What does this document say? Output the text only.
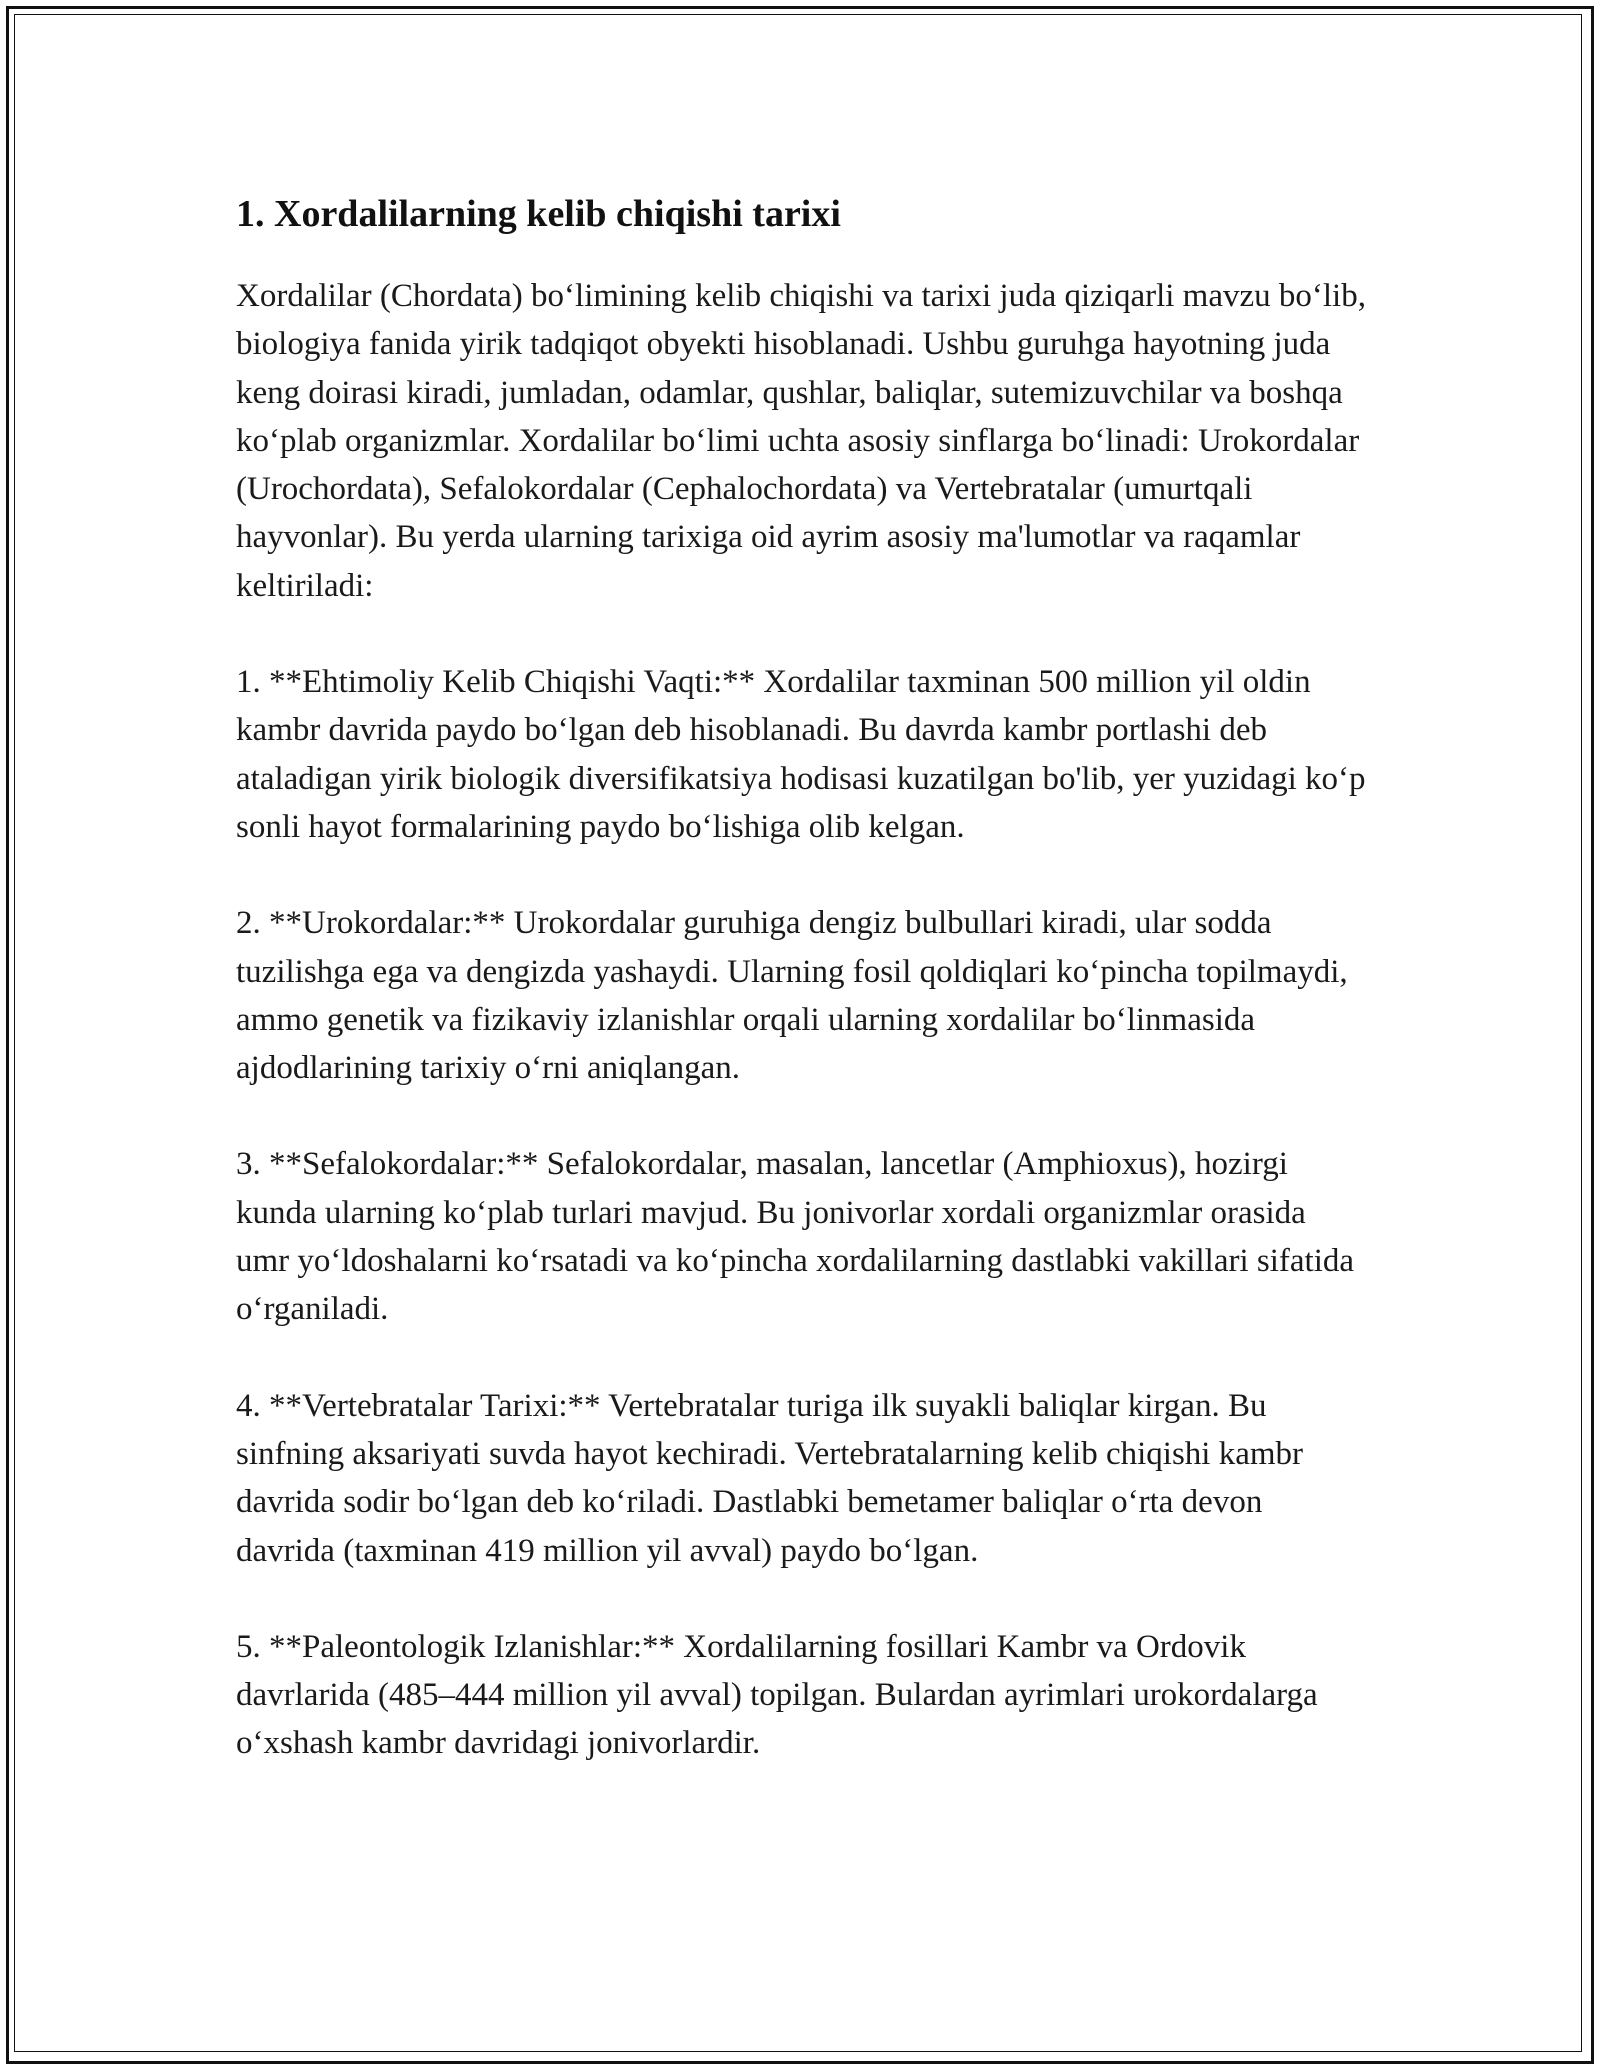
1. Xordalilarning kelib chiqishi tarixi

Xordalilar (Chordata) bo‘limining kelib chiqishi va tarixi juda qiziqarli mavzu bo‘lib, biologiya fanida yirik tadqiqot obyekti hisoblanadi. Ushbu guruhga hayotning juda keng doirasi kiradi, jumladan, odamlar, qushlar, baliqlar, sutemizuvchilar va boshqa ko‘plab organizmlar. Xordalilar bo‘limi uchta asosiy sinflarga bo‘linadi: Urokordalar (Urochordata), Sefalokordalar (Cephalochordata) va Vertebratalar (umurtqali hayvonlar). Bu yerda ularning tarixiga oid ayrim asosiy ma'lumotlar va raqamlar keltiriladi:

1. **Ehtimoliy Kelib Chiqishi Vaqti:** Xordalilar taxminan 500 million yil oldin kambr davrida paydo bo‘lgan deb hisoblanadi. Bu davrda kambr portlashi deb ataladigan yirik biologik diversifikatsiya hodisasi kuzatilgan bo'lib, yer yuzidagi ko‘p sonli hayot formalarining paydo bo‘lishiga olib kelgan.

2. **Urokordalar:** Urokordalar guruhiga dengiz bulbullari kiradi, ular sodda tuzilishga ega va dengizda yashaydi. Ularning fosil qoldiqlari ko‘pincha topilmaydi, ammo genetik va fizikaviy izlanishlar orqali ularning xordalilar bo‘linmasida ajdodlarining tarixiy o‘rni aniqlangan.

3. **Sefalokordalar:** Sefalokordalar, masalan, lancetlar (Amphioxus), hozirgi kunda ularning ko‘plab turlari mavjud. Bu jonivorlar xordali organizmlar orasida umr yo‘ldoshalarni ko‘rsatadi va ko‘pincha xordalilarning dastlabki vakillari sifatida o‘rganiladi.

4. **Vertebratalar Tarixi:** Vertebratalar turiga ilk suyakli baliqlar kirgan. Bu sinfning aksariyati suvda hayot kechiradi. Vertebratalarning kelib chiqishi kambr davrida sodir bo‘lgan deb ko‘riladi. Dastlabki bemetamer baliqlar o‘rta devon davrida (taxminan 419 million yil avval) paydo bo‘lgan.

5. **Paleontologik Izlanishlar:** Xordalilarning fosillari Kambr va Ordovik davrlarida (485–444 million yil avval) topilgan. Bulardan ayrimlari urokordalarga o‘xshash kambr davridagi jonivorlardir.
